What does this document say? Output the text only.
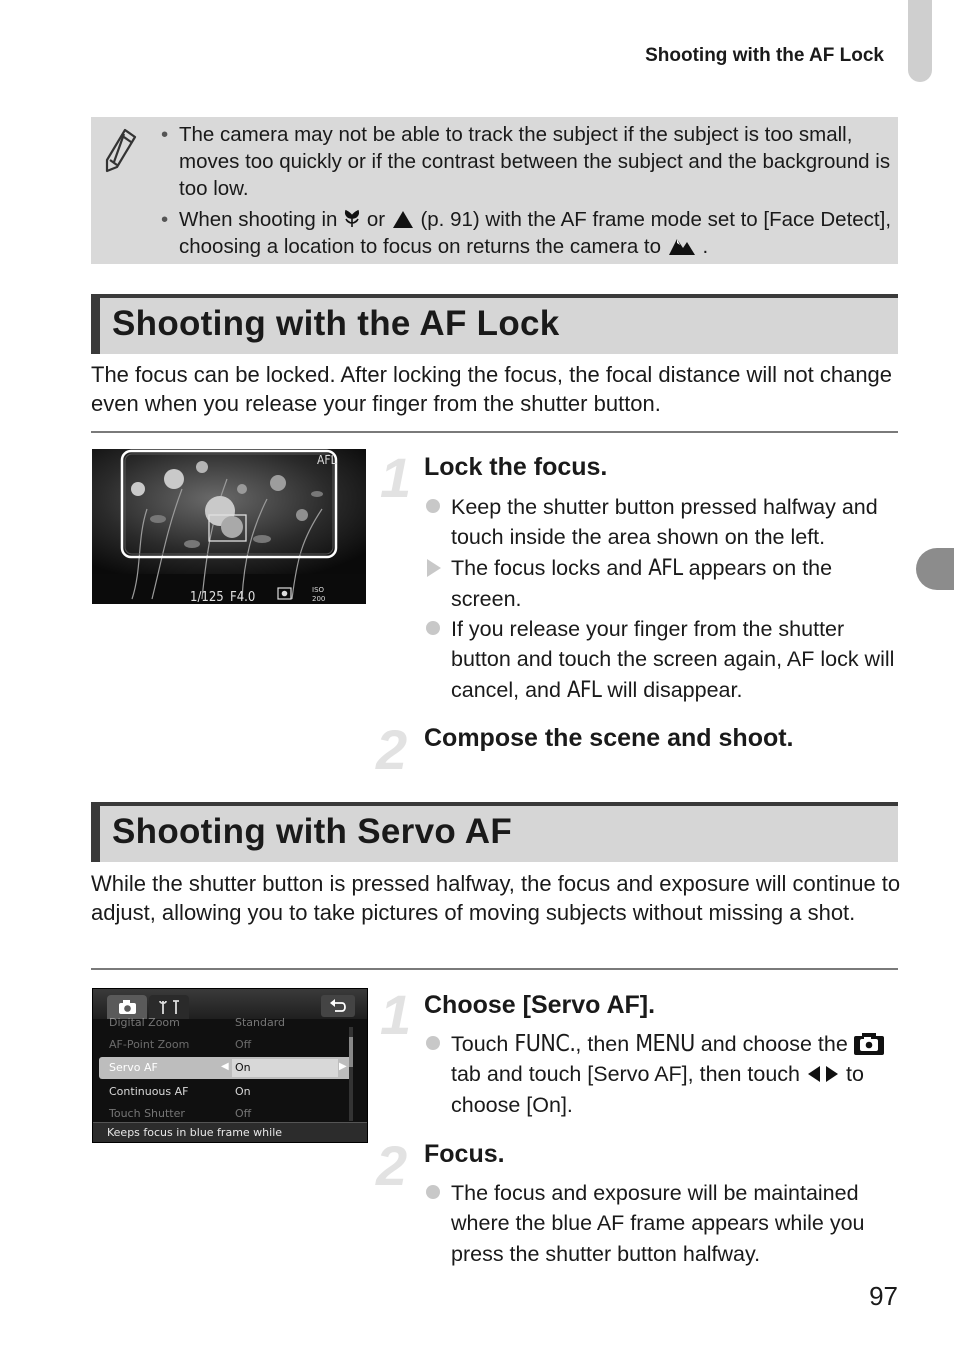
Shooting with the AF Lock
• The camera may not be able to track the subject if the subject is too small, moves too quickly or if the contrast between the subject and the background is too low.
• When shooting in or (p. 91) with the AF frame mode set to [Face Detect], choosing a location to focus on returns the camera to .
Shooting with the AF Lock
The focus can be locked. After locking the focus, the focal distance will not change even when you release your finger from the shutter button.
AFL
1/125 F4.0	ISO
200
1 Lock the focus.
Keep the shutter button pressed halfway and touch inside the area shown on the left.
The focus locks and AFL appears on the screen.
If you release your finger from the shutter button and touch the screen again, AF lock will cancel, and AFL will disappear.
2 Compose the scene and shoot.
Shooting with Servo AF
While the shutter button is pressed halfway, the focus and exposure will continue to adjust, allowing you to take pictures of moving subjects without missing a shot.
Digital Zoom	Standard
AF-Point Zoom	Off
Servo AF	◀ On	▶
Continuous AF	On
Touch Shutter	Off
Keeps focus in blue frame while
1 Choose [Servo AF].
Touch FUNC., then MENU and choose the  tab and touch [Servo AF], then touch to choose [On].
2 Focus.
The focus and exposure will be maintained where the blue AF frame appears while you press the shutter button halfway.
97
